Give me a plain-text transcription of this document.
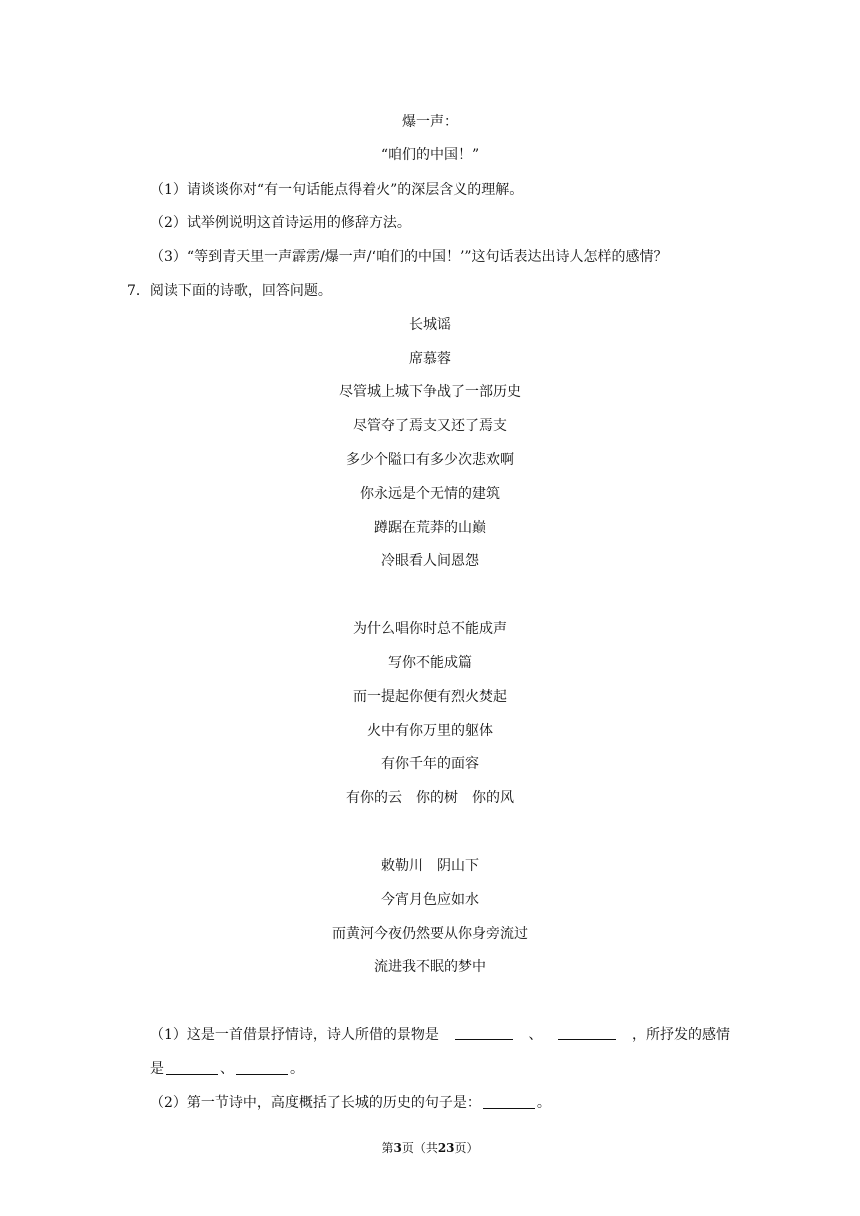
爆一声：
“咱们的中国！”
（1）请谈谈你对“有一句话能点得着火”的深层含义的理解。
（2）试举例说明这首诗运用的修辞方法。
（3）“等到青天里一声霹雳/爆一声/‘咱们的中国！’”这句话表达出诗人怎样的感情？
7．阅读下面的诗歌，回答问题。
长城谣
席慕蓉
尽管城上城下争战了一部历史
尽管夺了焉支又还了焉支
多少个隘口有多少次悲欢啊
你永远是个无情的建筑
蹲踞在荒莽的山巅
冷眼看人间恩怨
为什么唱你时总不能成声
写你不能成篇
而一提起你便有烈火焚起
火中有你万里的躯体
有你千年的面容
有你的云　你的树　你的风
敕勒川　阴山下
今宵月色应如水
而黄河今夜仍然要从你身旁流过
流进我不眠的梦中
（1）这是一首借景抒情诗，诗人所借的景物是	、	，所抒发的感情
是	、	。
（2）第一节诗中，高度概括了长城的历史的句子是：	。
第3页（共23页）
